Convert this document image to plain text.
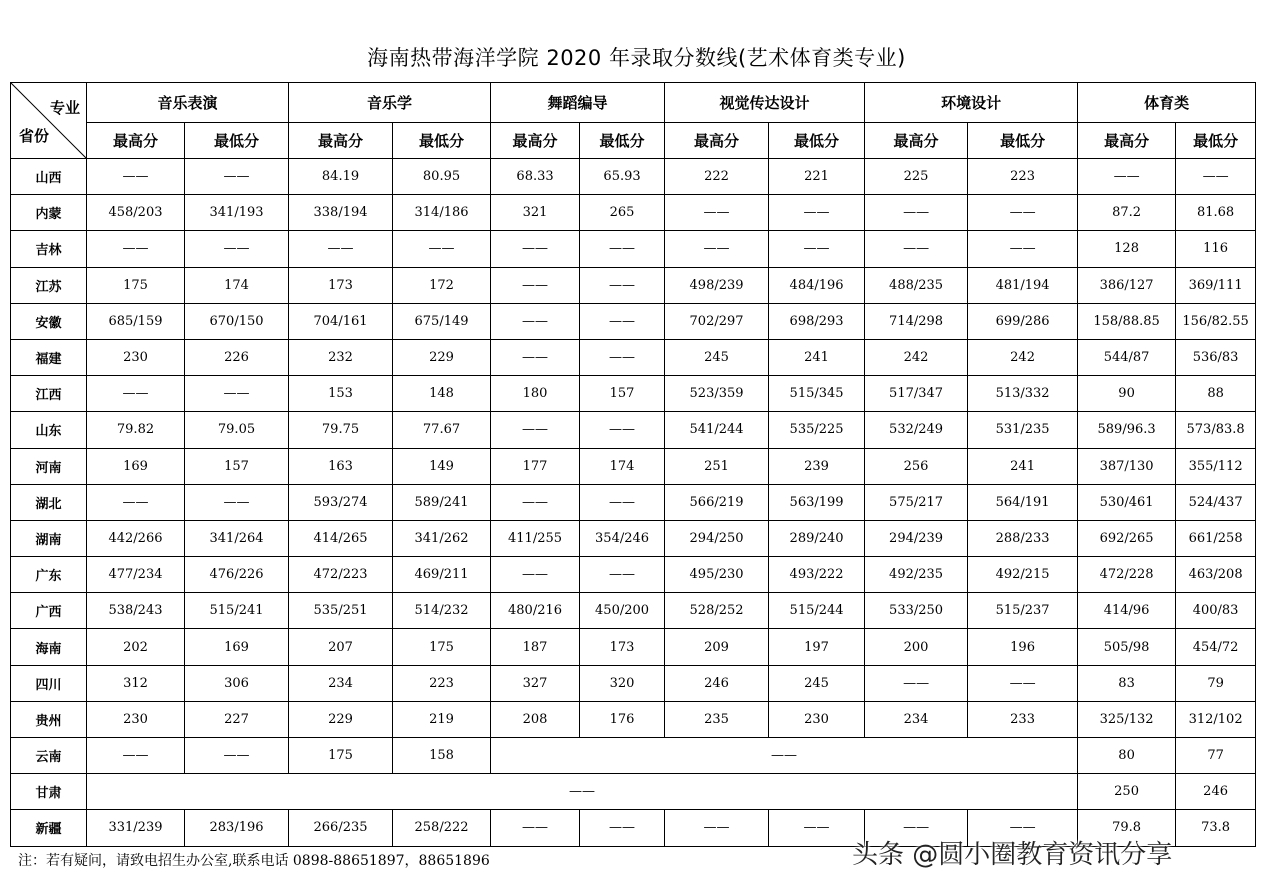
海南热带海洋学院 2020 年录取分数线(艺术体育类专业)
专业
省份	音乐表演		音乐学		舞蹈编导		视觉传达设计		环境设计		体育类	
	最高分	最低分	最高分	最低分	最高分	最低分	最高分	最低分	最高分	最低分	最高分	最低分
山西	——	——	84.19	80.95	68.33	65.93	222	221	225	223	——	——
内蒙	458/203	341/193	338/194	314/186	321	265	——	——	——	——	87.2	81.68
吉林	——	——	——	——	——	——	——	——	——	——	128	116
江苏	175	174	173	172	——	——	498/239	484/196	488/235	481/194	386/127	369/111
安徽	685/159	670/150	704/161	675/149	——	——	702/297	698/293	714/298	699/286	158/88.85	156/82.55
福建	230	226	232	229	——	——	245	241	242	242	544/87	536/83
江西	——	——	153	148	180	157	523/359	515/345	517/347	513/332	90	88
山东	79.82	79.05	79.75	77.67	——	——	541/244	535/225	532/249	531/235	589/96.3	573/83.8
河南	169	157	163	149	177	174	251	239	256	241	387/130	355/112
湖北	——	——	593/274	589/241	——	——	566/219	563/199	575/217	564/191	530/461	524/437
湖南	442/266	341/264	414/265	341/262	411/255	354/246	294/250	289/240	294/239	288/233	692/265	661/258
广东	477/234	476/226	472/223	469/211	——	——	495/230	493/222	492/235	492/215	472/228	463/208
广西	538/243	515/241	535/251	514/232	480/216	450/200	528/252	515/244	533/250	515/237	414/96	400/83
海南	202	169	207	175	187	173	209	197	200	196	505/98	454/72
四川	312	306	234	223	327	320	246	245	——	——	83	79
贵州	230	227	229	219	208	176	235	230	234	233	325/132	312/102
云南	——	——	175	158	——						80	77
甘肃	——										250	246
新疆	331/239	283/196	266/235	258/222	——	——	——	——	——	——	79.8	73.8
注：若有疑问，请致电招生办公室,联系电话 0898-88651897，88651896	头条 @圆小圈教育资讯分享
